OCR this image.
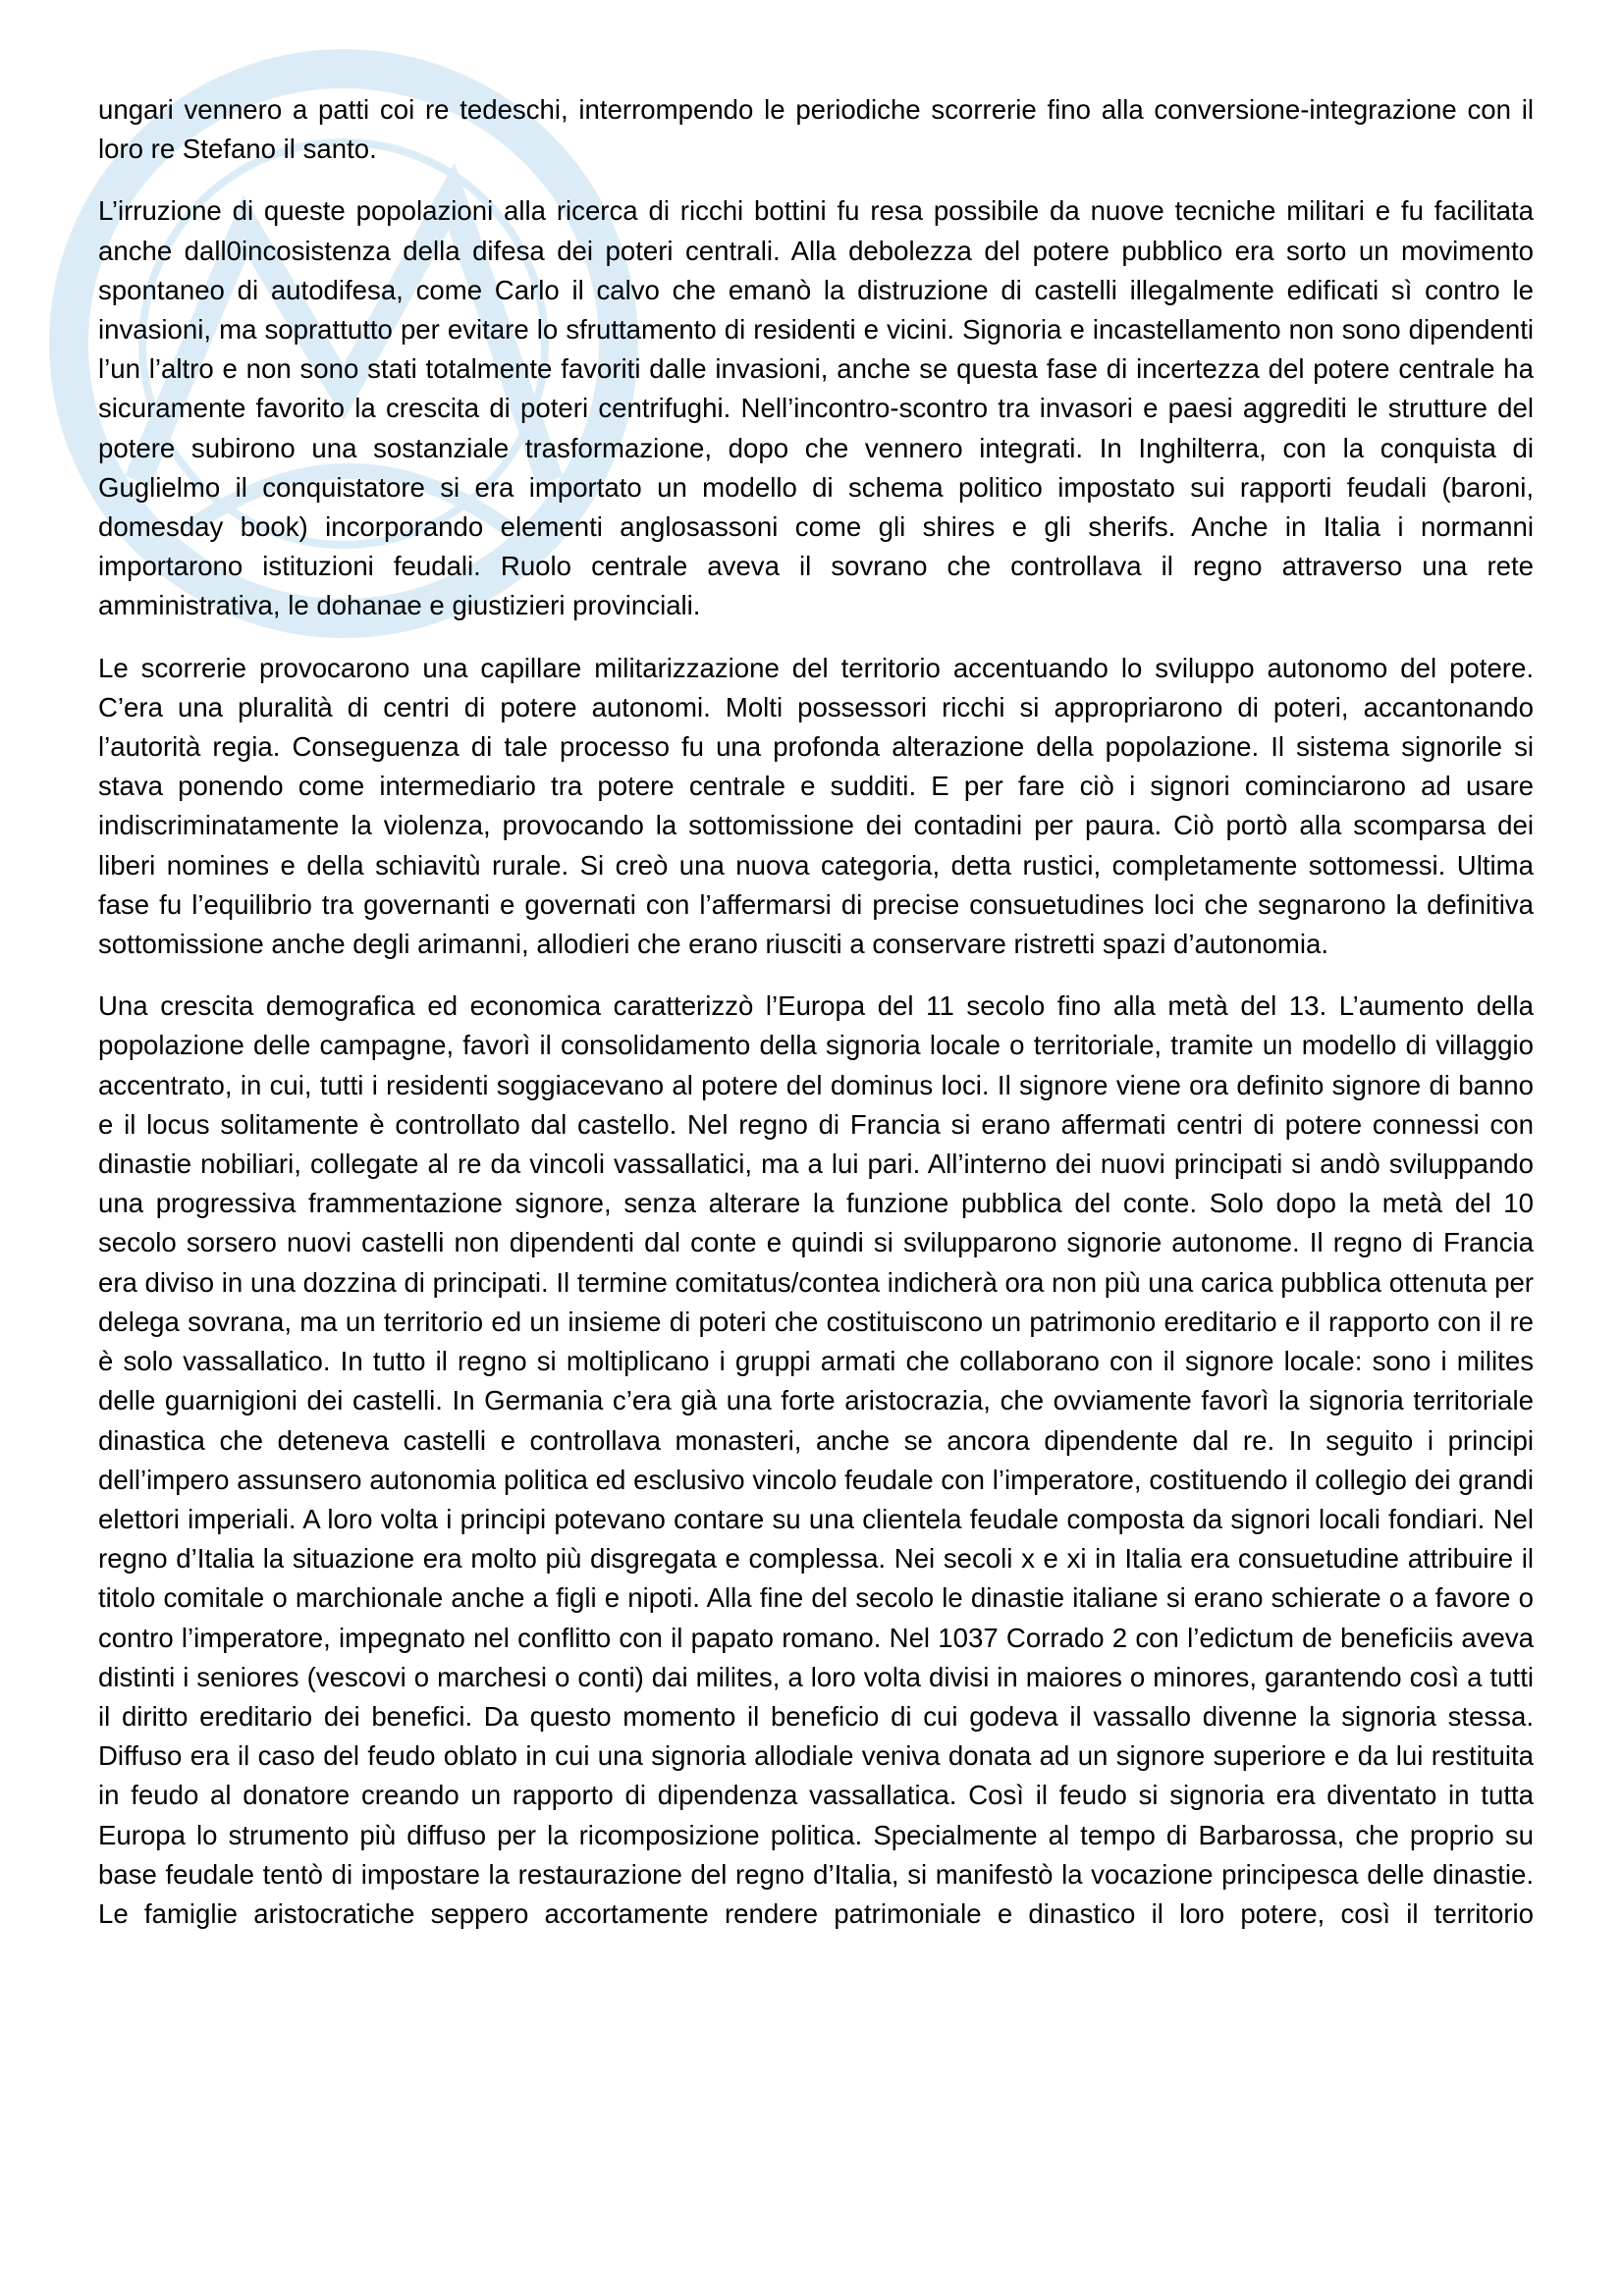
ungari vennero a patti coi re tedeschi, interrompendo le periodiche scorrerie fino alla conversione-integrazione con il loro re Stefano il santo.

L’irruzione di queste popolazioni alla ricerca di ricchi bottini fu resa possibile da nuove tecniche militari e fu facilitata anche dall0incosistenza della difesa dei poteri centrali. Alla debolezza del potere pubblico era sorto un movimento spontaneo di autodifesa, come Carlo il calvo che emanò la distruzione di castelli illegalmente edificati sì contro le invasioni, ma soprattutto per evitare lo sfruttamento di residenti e vicini. Signoria e incastellamento non sono dipendenti l’un l’altro e non sono stati totalmente favoriti dalle invasioni, anche se questa fase di incertezza del potere centrale ha sicuramente favorito la crescita di poteri centrifughi. Nell’incontro-scontro tra invasori e paesi aggrediti le strutture del potere subirono una sostanziale trasformazione, dopo che vennero integrati. In Inghilterra, con la conquista di Guglielmo il conquistatore si era importato un modello di schema politico impostato sui rapporti feudali (baroni, domesday book) incorporando elementi anglosassoni come gli shires e gli sherifs. Anche in Italia i normanni importarono istituzioni feudali. Ruolo centrale aveva il sovrano che controllava il regno attraverso una rete amministrativa, le dohanae e giustizieri provinciali.

Le scorrerie provocarono una capillare militarizzazione del territorio accentuando lo sviluppo autonomo del potere. C’era una pluralità di centri di potere autonomi. Molti possessori ricchi si appropriarono di poteri, accantonando l’autorità regia. Conseguenza di tale processo fu una profonda alterazione della popolazione. Il sistema signorile si stava ponendo come intermediario tra potere centrale e sudditi. E per fare ciò i signori cominciarono ad usare indiscriminatamente la violenza, provocando la sottomissione dei contadini per paura. Ciò portò alla scomparsa dei liberi nomines e della schiavitù rurale. Si creò una nuova categoria, detta rustici, completamente sottomessi. Ultima fase fu l’equilibrio tra governanti e governati con l’affermarsi di precise consuetudines loci che segnarono la definitiva sottomissione anche degli arimanni, allodieri che erano riusciti a conservare ristretti spazi d’autonomia.

Una crescita demografica ed economica caratterizzò l’Europa del 11 secolo fino alla metà del 13. L’aumento della popolazione delle campagne, favorì il consolidamento della signoria locale o territoriale, tramite un modello di villaggio accentrato, in cui, tutti i residenti soggiacevano al potere del dominus loci. Il signore viene ora definito signore di banno e il locus solitamente è controllato dal castello. Nel regno di Francia si erano affermati centri di potere connessi con dinastie nobiliari, collegate al re da vincoli vassallatici, ma a lui pari. All’interno dei nuovi principati si andò sviluppando una progressiva frammentazione signore, senza alterare la funzione pubblica del conte. Solo dopo la metà del 10 secolo sorsero nuovi castelli non dipendenti dal conte e quindi si svilupparono signorie autonome. Il regno di Francia era diviso in una dozzina di principati. Il termine comitatus/contea indicherà ora non più una carica pubblica ottenuta per delega sovrana, ma un territorio ed un insieme di poteri che costituiscono un patrimonio ereditario e il rapporto con il re è solo vassallatico. In tutto il regno si moltiplicano i gruppi armati che collaborano con il signore locale: sono i milites delle guarnigioni dei castelli. In Germania c’era già una forte aristocrazia, che ovviamente favorì la signoria territoriale dinastica che deteneva castelli e controllava monasteri, anche se ancora dipendente dal re. In seguito i principi dell’impero assunsero autonomia politica ed esclusivo vincolo feudale con l’imperatore, costituendo il collegio dei grandi elettori imperiali. A loro volta i principi potevano contare su una clientela feudale composta da signori locali fondiari. Nel regno d’Italia la situazione era molto più disgregata e complessa. Nei secoli x e xi in Italia era consuetudine attribuire il titolo comitale o marchionale anche a figli e nipoti. Alla fine del secolo le dinastie italiane si erano schierate o a favore o contro l’imperatore, impegnato nel conflitto con il papato romano. Nel 1037 Corrado 2 con l’edictum de beneficiis aveva distinti i seniores (vescovi o marchesi o conti) dai milites, a loro volta divisi in maiores o minores, garantendo così a tutti il diritto ereditario dei benefici. Da questo momento il beneficio di cui godeva il vassallo divenne la signoria stessa. Diffuso era il caso del feudo oblato in cui una signoria allodiale veniva donata ad un signore superiore e da lui restituita in feudo al donatore creando un rapporto di dipendenza vassallatica. Così il feudo si signoria era diventato in tutta Europa lo strumento più diffuso per la ricomposizione politica. Specialmente al tempo di Barbarossa, che proprio su base feudale tentò di impostare la restaurazione del regno d’Italia, si manifestò la vocazione principesca delle dinastie. Le famiglie aristocratiche seppero accortamente rendere patrimoniale e dinastico il loro potere, così il territorio
